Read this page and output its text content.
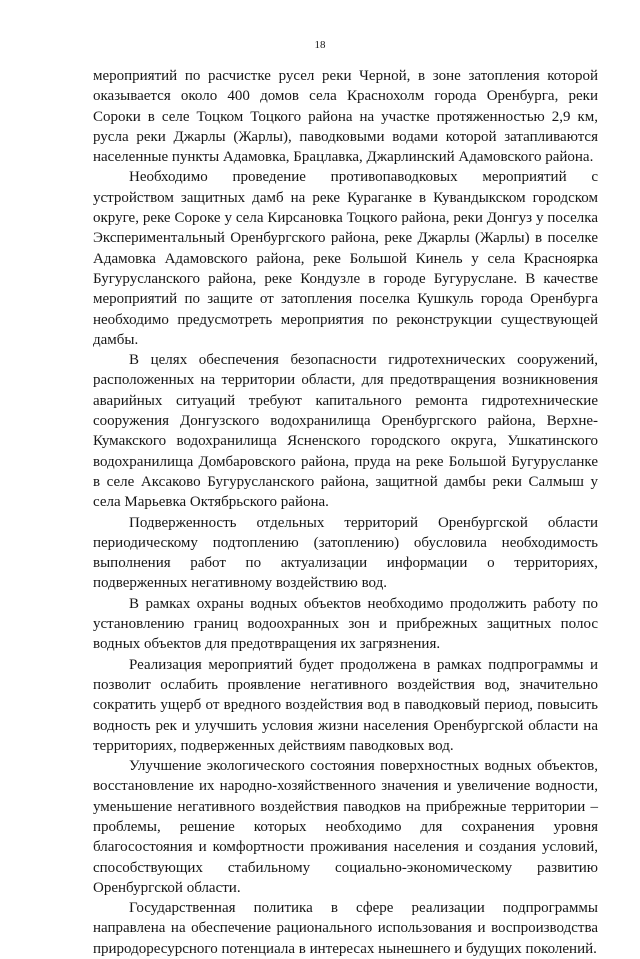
18

мероприятий по расчистке русел реки Черной, в зоне затопления которой оказывается около 400 домов села Краснохолм города Оренбурга, реки Сороки в селе Тоцком Тоцкого района на участке протяженностью 2,9 км, русла реки Джарлы (Жарлы), паводковыми водами которой затапливаются населенные пункты Адамовка, Брацлавка, Джарлинский Адамовского района.

Необходимо проведение противопаводковых мероприятий с устройством защитных дамб на реке Кураганке в Кувандыкском городском округе, реке Сороке у села Кирсановка Тоцкого района, реки Донгуз у поселка Экспериментальный Оренбургского района, реке Джарлы (Жарлы) в поселке Адамовка Адамовского района, реке Большой Кинель у села Красноярка Бугурусланского района, реке Кондузле в городе Бугуруслане. В качестве мероприятий по защите от затопления поселка Кушкуль города Оренбурга необходимо предусмотреть мероприятия по реконструкции существующей дамбы.

В целях обеспечения безопасности гидротехнических сооружений, расположенных на территории области, для предотвращения возникновения аварийных ситуаций требуют капитального ремонта гидротехнические сооружения Донгузского водохранилища Оренбургского района, Верхне-Кумакского водохранилища Ясненского городского округа, Ушкатинского водохранилища Домбаровского района, пруда на реке Большой Бугурусланке в селе Аксаково Бугурусланского района, защитной дамбы реки Салмыш у села Марьевка Октябрьского района.

Подверженность отдельных территорий Оренбургской области периодическому подтоплению (затоплению) обусловила необходимость выполнения работ по актуализации информации о территориях, подверженных негативному воздействию вод.

В рамках охраны водных объектов необходимо продолжить работу по установлению границ водоохранных зон и прибрежных защитных полос водных объектов для предотвращения их загрязнения.

Реализация мероприятий будет продолжена в рамках подпрограммы и позволит ослабить проявление негативного воздействия вод, значительно сократить ущерб от вредного воздействия вод в паводковый период, повысить водность рек и улучшить условия жизни населения Оренбургской области на территориях, подверженных действиям паводковых вод.

Улучшение экологического состояния поверхностных водных объектов, восстановление их народно-хозяйственного значения и увеличение водности, уменьшение негативного воздействия паводков на прибрежные территории – проблемы, решение которых необходимо для сохранения уровня благосостояния и комфортности проживания населения и создания условий, способствующих стабильному социально-экономическому развитию Оренбургской области.

Государственная политика в сфере реализации подпрограммы направлена на обеспечение рационального использования и воспроизводства природоресурсного потенциала в интересах нынешнего и будущих поколений.
